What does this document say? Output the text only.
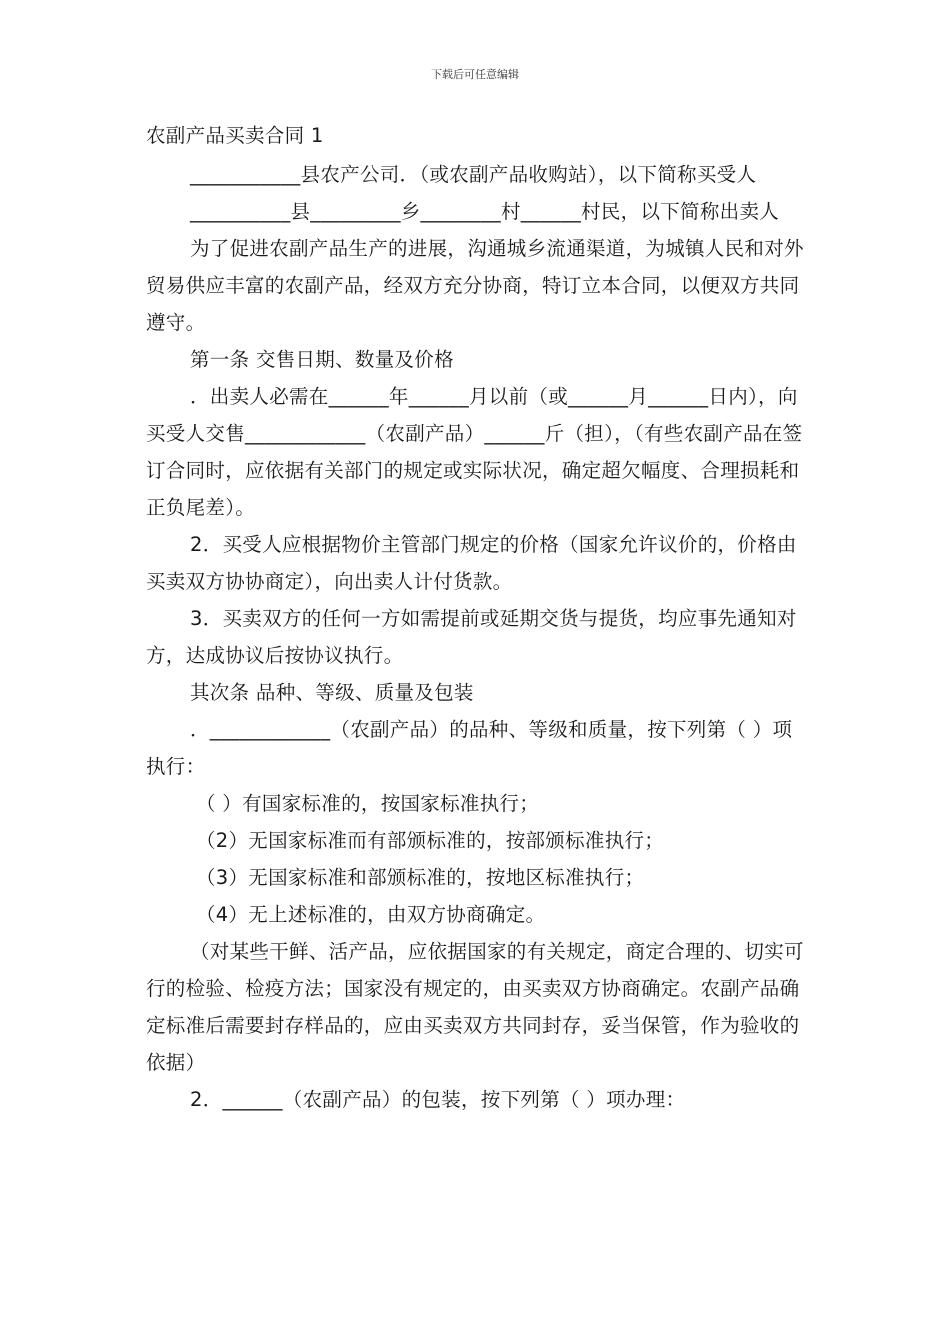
下载后可任意编辑

农副产品买卖合同 1

___________县农产公司．（或农副产品收购站），以下简称买受人

__________县_________乡________村______村民，以下简称出卖人

为了促进农副产品生产的进展，沟通城乡流通渠道，为城镇人民和对外贸易供应丰富的农副产品，经双方充分协商，特订立本合同，以便双方共同遵守。

第一条 交售日期、数量及价格

．出卖人必需在______年______月以前（或______月______日内），向买受人交售____________（农副产品）______斤（担），（有些农副产品在签订合同时，应依据有关部门的规定或实际状况，确定超欠幅度、合理损耗和正负尾差）。

2．买受人应根据物价主管部门规定的价格（国家允许议价的，价格由买卖双方协协商定），向出卖人计付货款。

3．买卖双方的任何一方如需提前或延期交货与提货，均应事先通知对方，达成协议后按协议执行。

其次条 品种、等级、质量及包装

．____________（农副产品）的品种、等级和质量，按下列第（ ）项执行：

（ ）有国家标准的，按国家标准执行；

（2）无国家标准而有部颁标准的，按部颁标准执行；

（3）无国家标准和部颁标准的，按地区标准执行；

（4）无上述标准的，由双方协商确定。

（对某些干鲜、活产品，应依据国家的有关规定，商定合理的、切实可行的检验、检疫方法；国家没有规定的，由买卖双方协商确定。农副产品确定标准后需要封存样品的，应由买卖双方共同封存，妥当保管，作为验收的依据）

2．______（农副产品）的包装，按下列第（ ）项办理：
